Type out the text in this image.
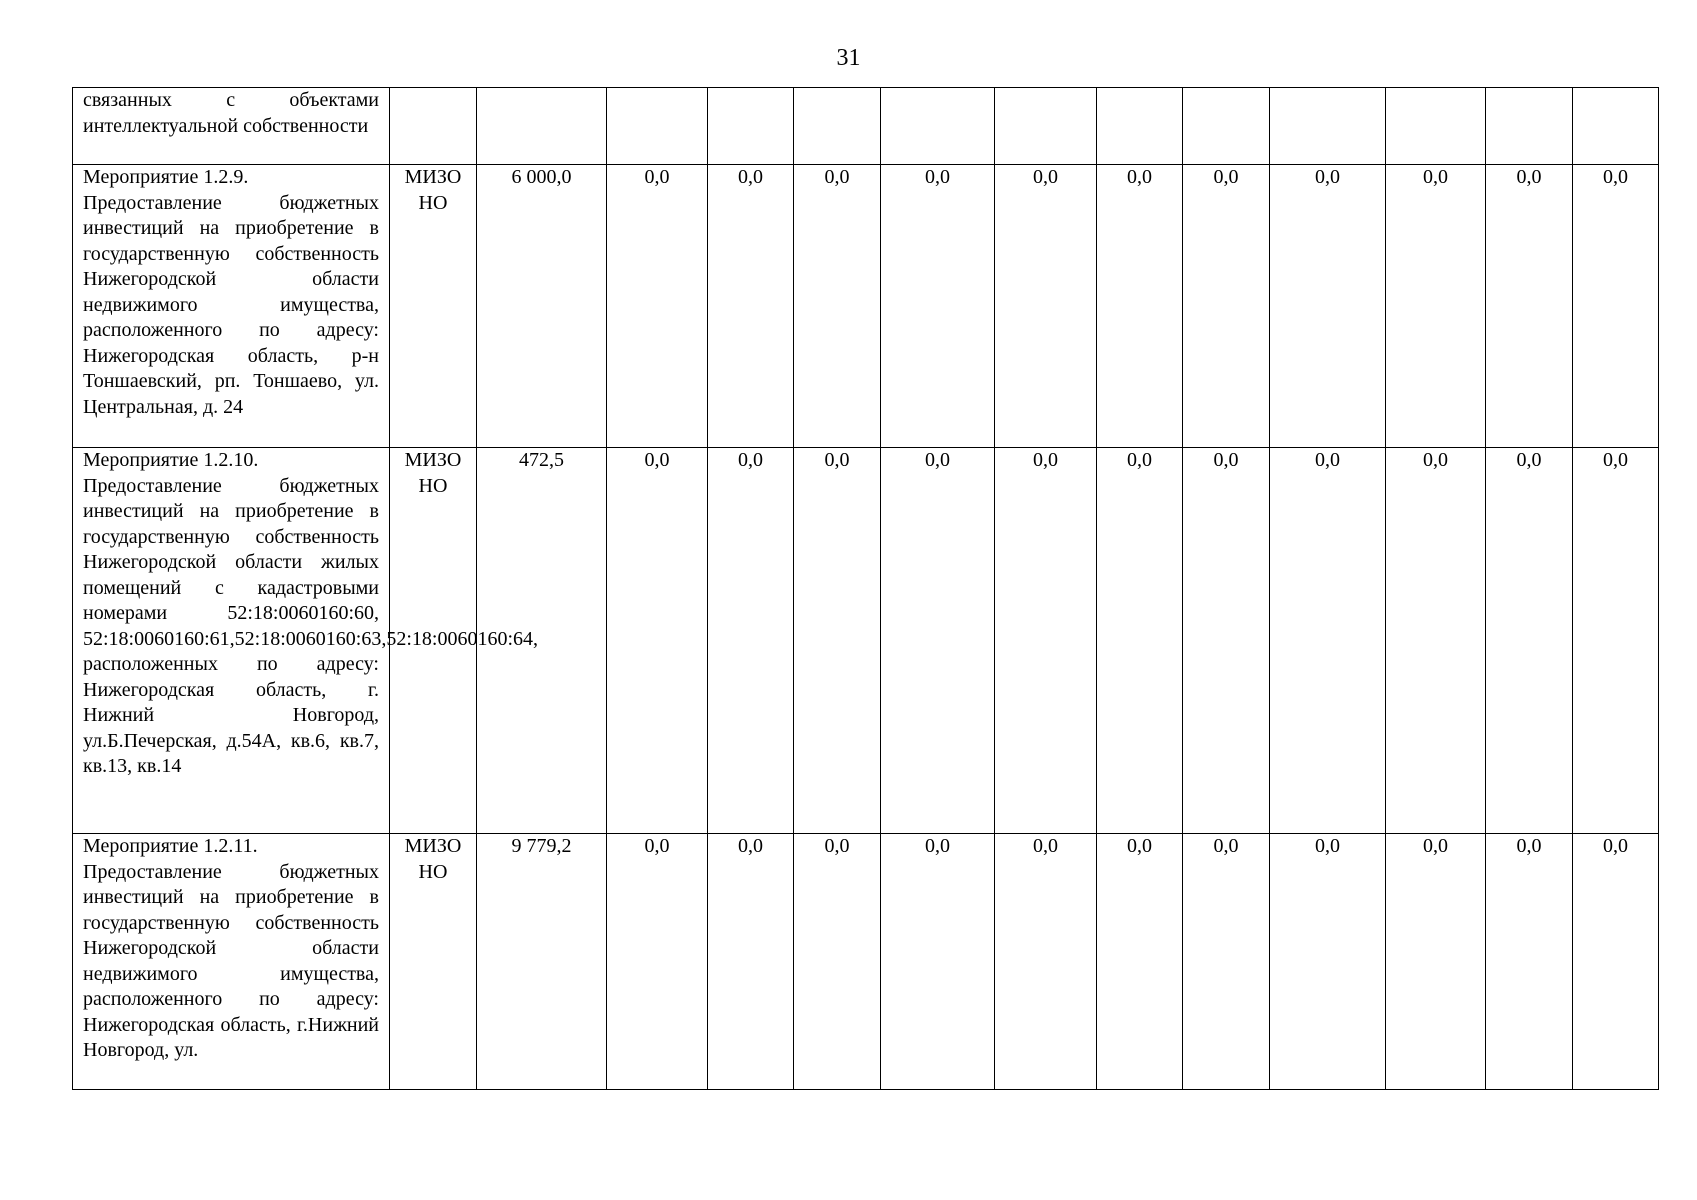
31
связанных с объектами интеллектуальной собственности													

Мероприятие 1.2.9.
Предоставление бюджетных инвестиций на приобретение в государственную собственность Нижегородской области недвижимого имущества, расположенного по адресу: Нижегородская область, р-н Тоншаевский, рп. Тоншаево, ул. Центральная, д. 24	МИЗО НО	6 000,0	0,0	0,0	0,0	0,0	0,0	0,0	0,0	0,0	0,0	0,0	0,0

Мероприятие 1.2.10.
Предоставление бюджетных инвестиций на приобретение в государственную собственность Нижегородской области жилых помещений с кадастровыми номерами 52:18:0060160:60, 52:18:0060160:61,52:18:0060160:63,52:18:0060160:64, расположенных по адресу: Нижегородская область, г. Нижний Новгород, ул.Б.Печерская, д.54А, кв.6, кв.7, кв.13, кв.14	МИЗО НО	472,5	0,0	0,0	0,0	0,0	0,0	0,0	0,0	0,0	0,0	0,0	0,0

Мероприятие 1.2.11.
Предоставление бюджетных инвестиций на приобретение в государственную собственность Нижегородской области недвижимого имущества, расположенного по адресу: Нижегородская область, г.Нижний Новгород, ул.	МИЗО НО	9 779,2	0,0	0,0	0,0	0,0	0,0	0,0	0,0	0,0	0,0	0,0	0,0
